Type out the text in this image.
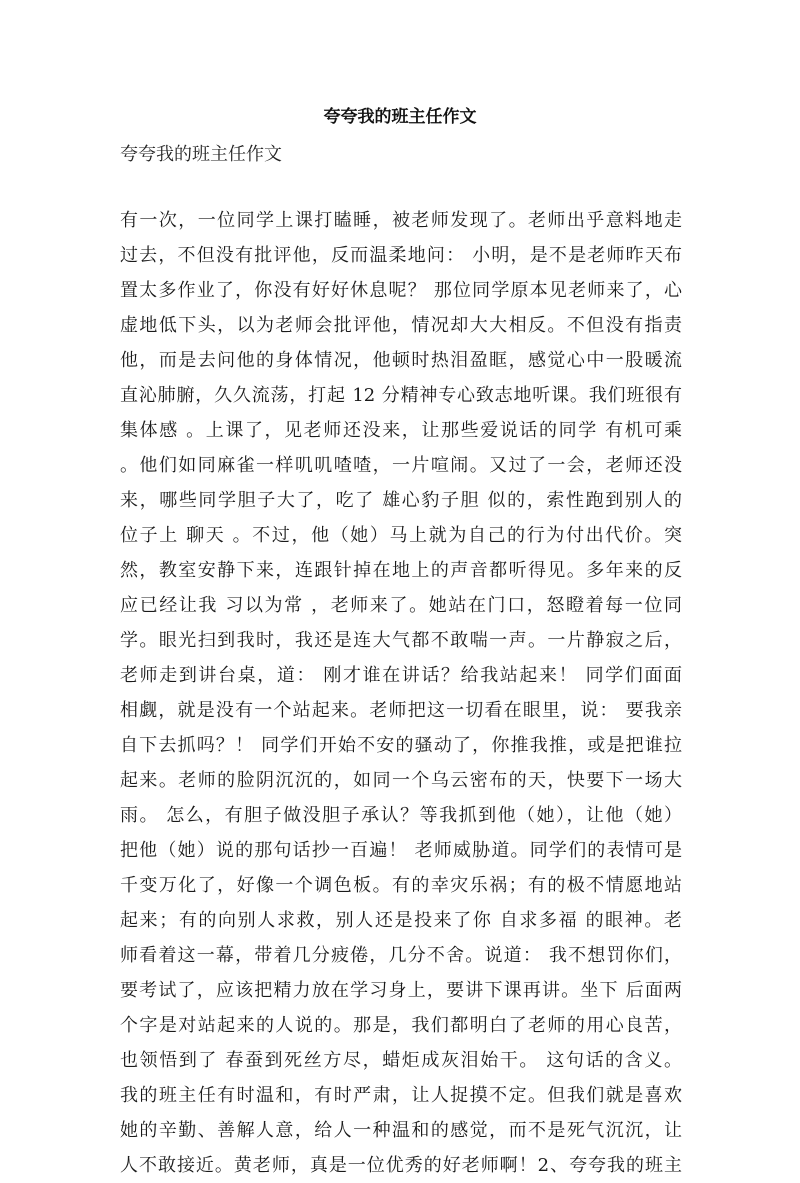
夸夸我的班主任作文
夸夸我的班主任作文
有一次，一位同学上课打瞌睡，被老师发现了。老师出乎意料地走
过去，不但没有批评他，反而温柔地问： 小明，是不是老师昨天布
置太多作业了，你没有好好休息呢？ 那位同学原本见老师来了，心
虚地低下头，以为老师会批评他，情况却大大相反。不但没有指责
他，而是去问他的身体情况，他顿时热泪盈眶，感觉心中一股暖流
直沁肺腑，久久流荡，打起 12 分精神专心致志地听课。我们班很有
集体感 。上课了，见老师还没来，让那些爱说话的同学 有机可乘
。他们如同麻雀一样叽叽喳喳，一片喧闹。又过了一会，老师还没
来，哪些同学胆子大了，吃了 雄心豹子胆 似的，索性跑到别人的
位子上 聊天 。不过，他（她）马上就为自己的行为付出代价。突
然，教室安静下来，连跟针掉在地上的声音都听得见。多年来的反
应已经让我 习以为常 ，老师来了。她站在门口，怒瞪着每一位同
学。眼光扫到我时，我还是连大气都不敢喘一声。一片静寂之后，
老师走到讲台桌，道： 刚才谁在讲话？给我站起来！ 同学们面面
相觑，就是没有一个站起来。老师把这一切看在眼里，说： 要我亲
自下去抓吗？！ 同学们开始不安的骚动了，你推我推，或是把谁拉
起来。老师的脸阴沉沉的，如同一个乌云密布的天，快要下一场大
雨。 怎么，有胆子做没胆子承认？等我抓到他（她），让他（她）
把他（她）说的那句话抄一百遍！ 老师威胁道。同学们的表情可是
千变万化了，好像一个调色板。有的幸灾乐祸；有的极不情愿地站
起来；有的向别人求救，别人还是投来了你 自求多福 的眼神。老
师看着这一幕，带着几分疲倦，几分不舍。说道： 我不想罚你们，
要考试了，应该把精力放在学习身上，要讲下课再讲。坐下 后面两
个字是对站起来的人说的。那是，我们都明白了老师的用心良苦，
也领悟到了 春蚕到死丝方尽，蜡炬成灰泪始干。 这句话的含义。
我的班主任有时温和，有时严肃，让人捉摸不定。但我们就是喜欢
她的辛勤、善解人意，给人一种温和的感觉，而不是死气沉沉，让
人不敢接近。黄老师，真是一位优秀的好老师啊！2、夸夸我的班主
